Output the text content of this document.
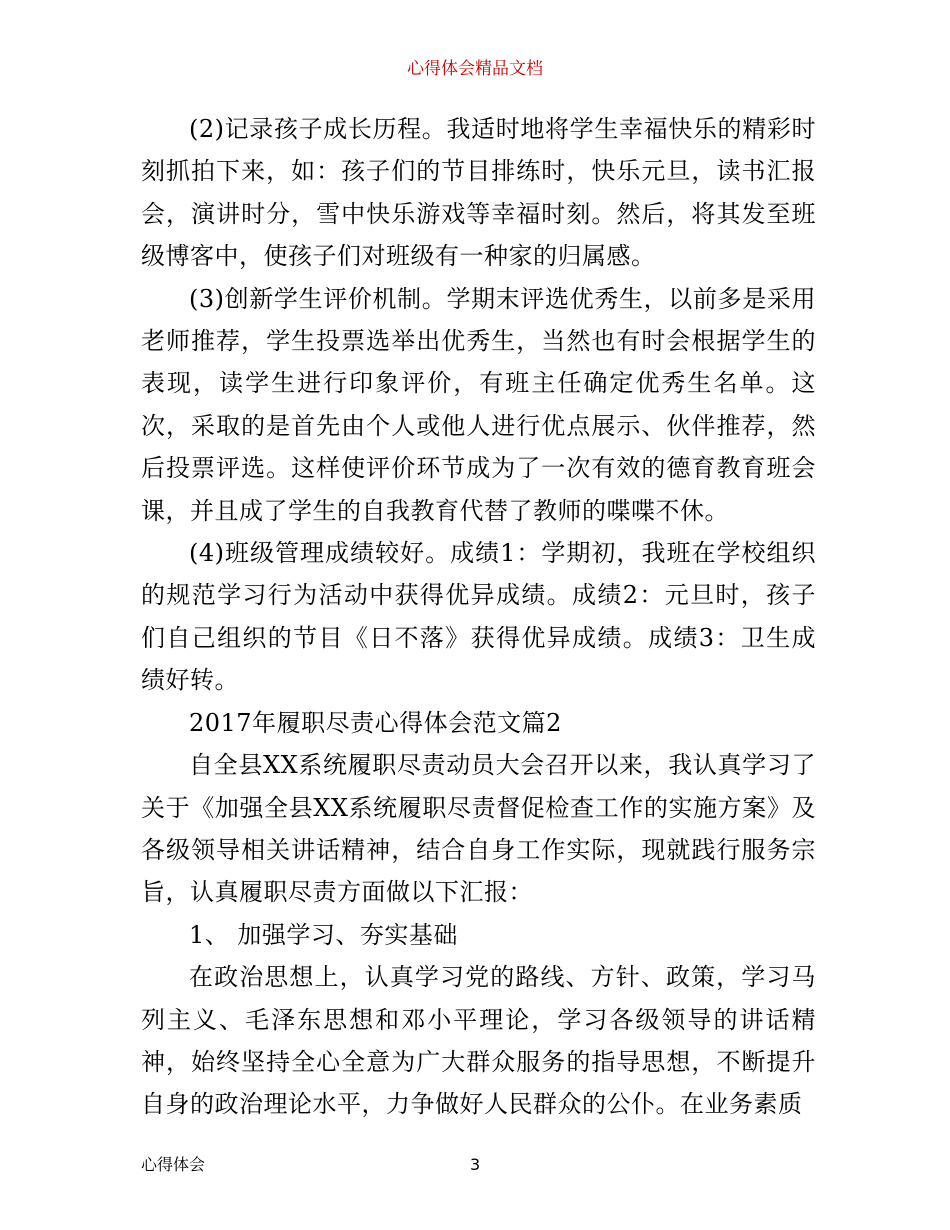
心得体会精品文档

(2)记录孩子成长历程。我适时地将学生幸福快乐的精彩时刻抓拍下来，如：孩子们的节目排练时，快乐元旦，读书汇报会，演讲时分，雪中快乐游戏等幸福时刻。然后，将其发至班级博客中，使孩子们对班级有一种家的归属感。

(3)创新学生评价机制。学期末评选优秀生，以前多是采用老师推荐，学生投票选举出优秀生，当然也有时会根据学生的表现，读学生进行印象评价，有班主任确定优秀生名单。这次，采取的是首先由个人或他人进行优点展示、伙伴推荐，然后投票评选。这样使评价环节成为了一次有效的德育教育班会课，并且成了学生的自我教育代替了教师的喋喋不休。

(4)班级管理成绩较好。成绩1：学期初，我班在学校组织的规范学习行为活动中获得优异成绩。成绩2：元旦时，孩子们自己组织的节目《日不落》获得优异成绩。成绩3：卫生成绩好转。

2017年履职尽责心得体会范文篇2

自全县XX系统履职尽责动员大会召开以来，我认真学习了关于《加强全县XX系统履职尽责督促检查工作的实施方案》及各级领导相关讲话精神，结合自身工作实际，现就践行服务宗旨，认真履职尽责方面做以下汇报：

1、 加强学习、夯实基础

在政治思想上，认真学习党的路线、方针、政策，学习马列主义、毛泽东思想和邓小平理论，学习各级领导的讲话精神，始终坚持全心全意为广大群众服务的指导思想，不断提升自身的政治理论水平，力争做好人民群众的公仆。在业务素质

心得体会	3
